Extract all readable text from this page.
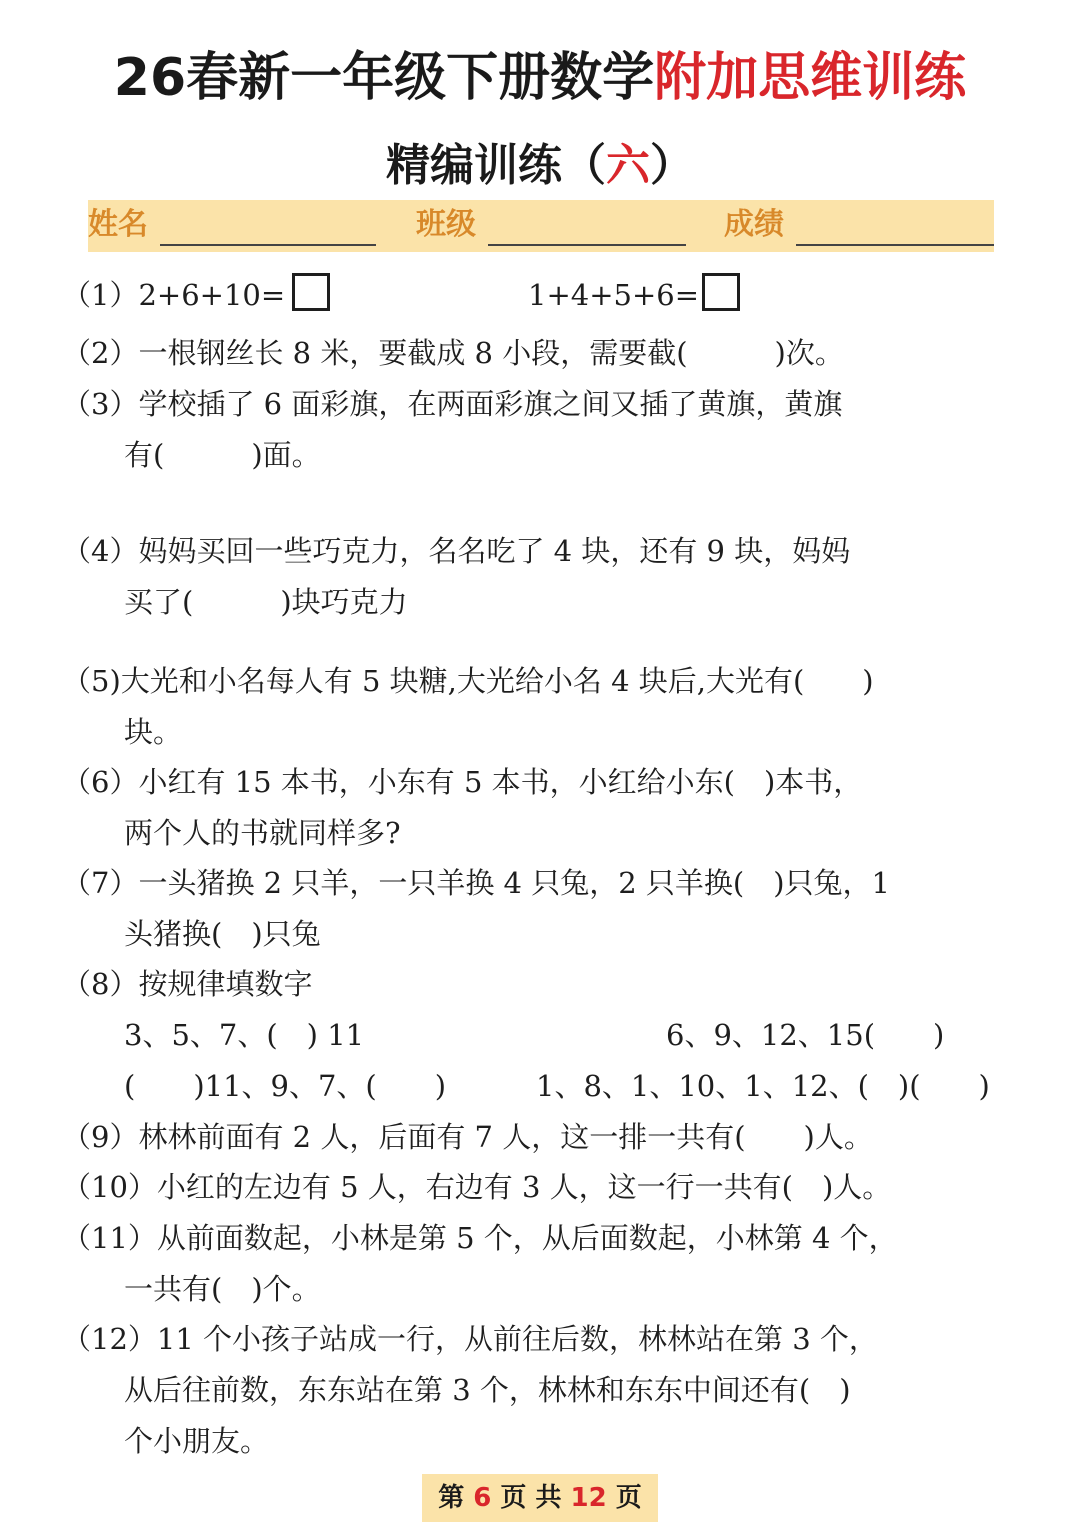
26春新一年级下册数学附加思维训练
精编训练（六）
姓名	班级	成绩
（1）2+6+10=	1+4+5+6=
（2）一根钢丝长 8 米，要截成 8 小段，需要截(　　　)次。
（3）学校插了 6 面彩旗，在两面彩旗之间又插了黄旗，黄旗
有(　　　)面。
（4）妈妈买回一些巧克力，名名吃了 4 块，还有 9 块，妈妈
买了(　　　)块巧克力
（5)大光和小名每人有 5 块糖,大光给小名 4 块后,大光有(　　)
块。
（6）小红有 15 本书，小东有 5 本书，小红给小东(　)本书，
两个人的书就同样多?
（7）一头猪换 2 只羊，一只羊换 4 只兔，2 只羊换(　)只兔，1
头猪换(　)只兔
（8）按规律填数字
3、5、7、(　) 11	6、9、12、15(　　)
(　　)11、9、7、(　　)	1、8、1、10、1、12、(　)(　　)
（9）林林前面有 2 人，后面有 7 人，这一排一共有(　　)人。
（10）小红的左边有 5 人，右边有 3 人，这一行一共有(　)人。
（11）从前面数起，小林是第 5 个，从后面数起，小林第 4 个，
一共有(　)个。
（12）11 个小孩子站成一行，从前往后数，林林站在第 3 个，
从后往前数，东东站在第 3 个，林林和东东中间还有(　)
个小朋友。
第 6 页 共 12 页
